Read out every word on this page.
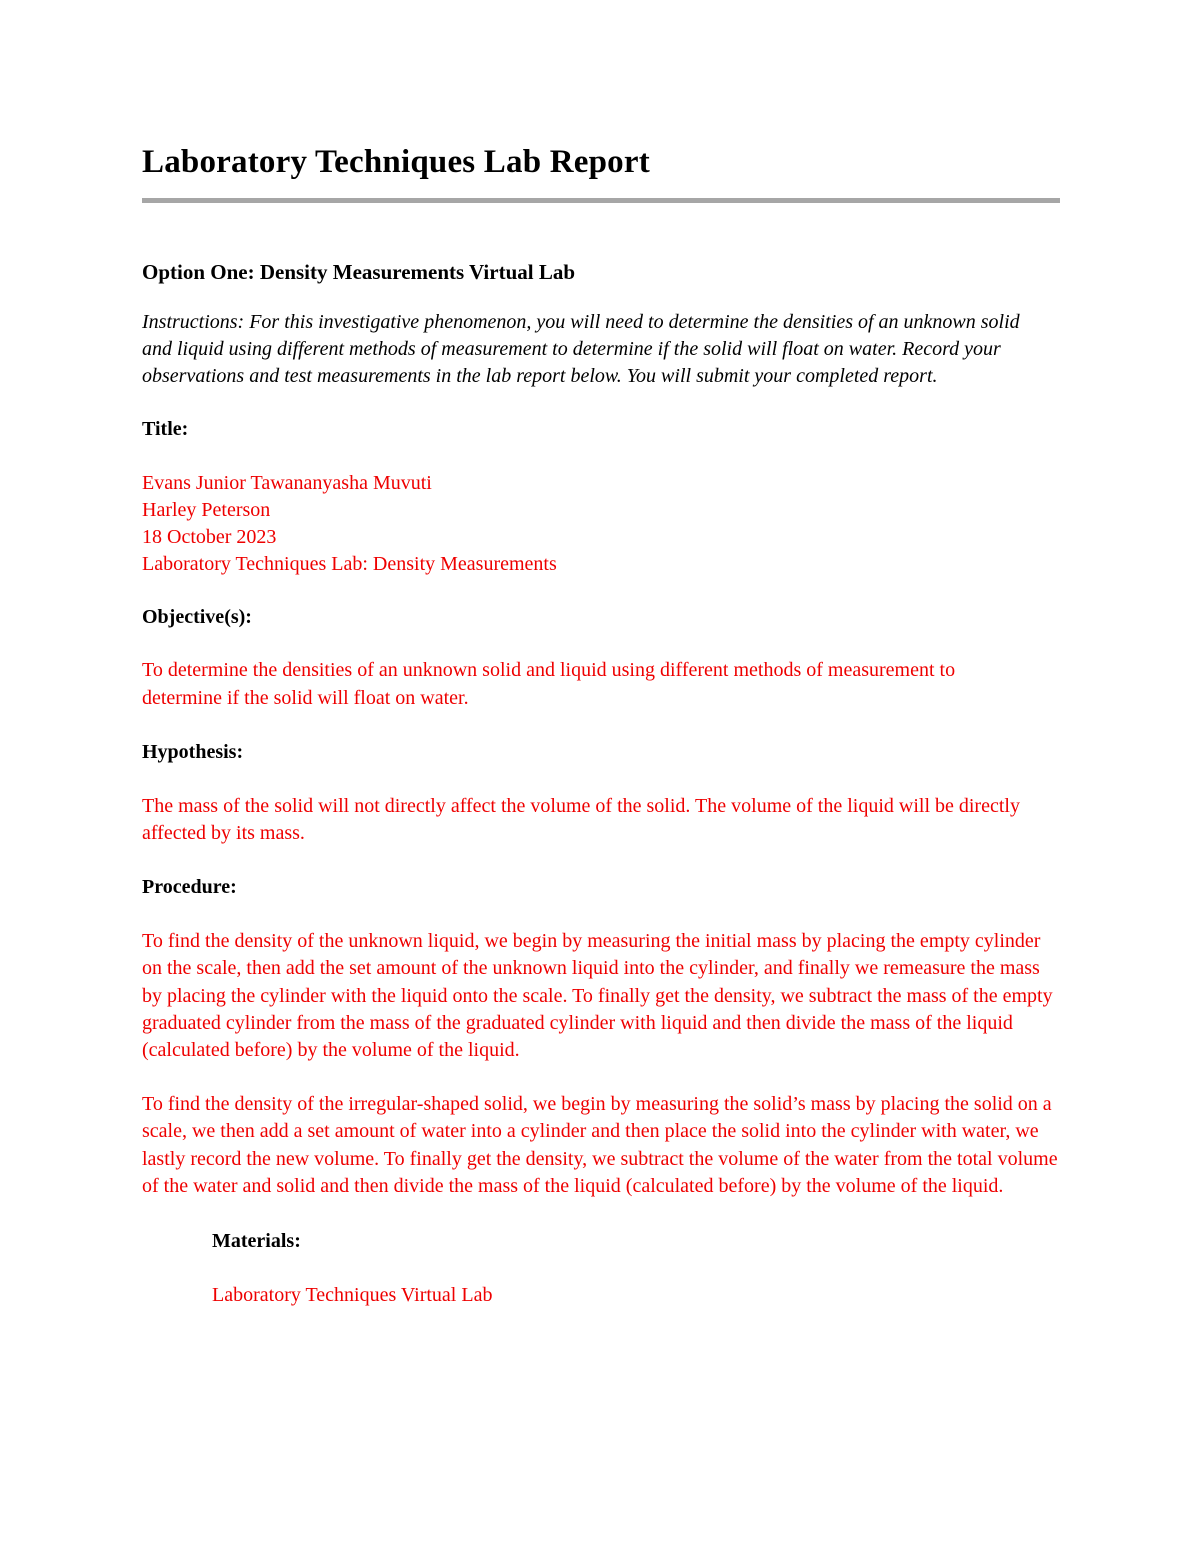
Laboratory Techniques Lab Report

Option One: Density Measurements Virtual Lab

Instructions: For this investigative phenomenon, you will need to determine the densities of an unknown solid and liquid using different methods of measurement to determine if the solid will float on water. Record your observations and test measurements in the lab report below. You will submit your completed report.

Title:

Evans Junior Tawananyasha Muvuti
Harley Peterson
18 October 2023
Laboratory Techniques Lab: Density Measurements

Objective(s):

To determine the densities of an unknown solid and liquid using different methods of measurement to determine if the solid will float on water.

Hypothesis:

The mass of the solid will not directly affect the volume of the solid. The volume of the liquid will be directly affected by its mass.

Procedure:

To find the density of the unknown liquid, we begin by measuring the initial mass by placing the empty cylinder on the scale, then add the set amount of the unknown liquid into the cylinder, and finally we remeasure the mass by placing the cylinder with the liquid onto the scale. To finally get the density, we subtract the mass of the empty graduated cylinder from the mass of the graduated cylinder with liquid and then divide the mass of the liquid (calculated before) by the volume of the liquid.

To find the density of the irregular-shaped solid, we begin by measuring the solid’s mass by placing the solid on a scale, we then add a set amount of water into a cylinder and then place the solid into the cylinder with water, we lastly record the new volume. To finally get the density, we subtract the volume of the water from the total volume of the water and solid and then divide the mass of the liquid (calculated before) by the volume of the liquid.

Materials:

Laboratory Techniques Virtual Lab
